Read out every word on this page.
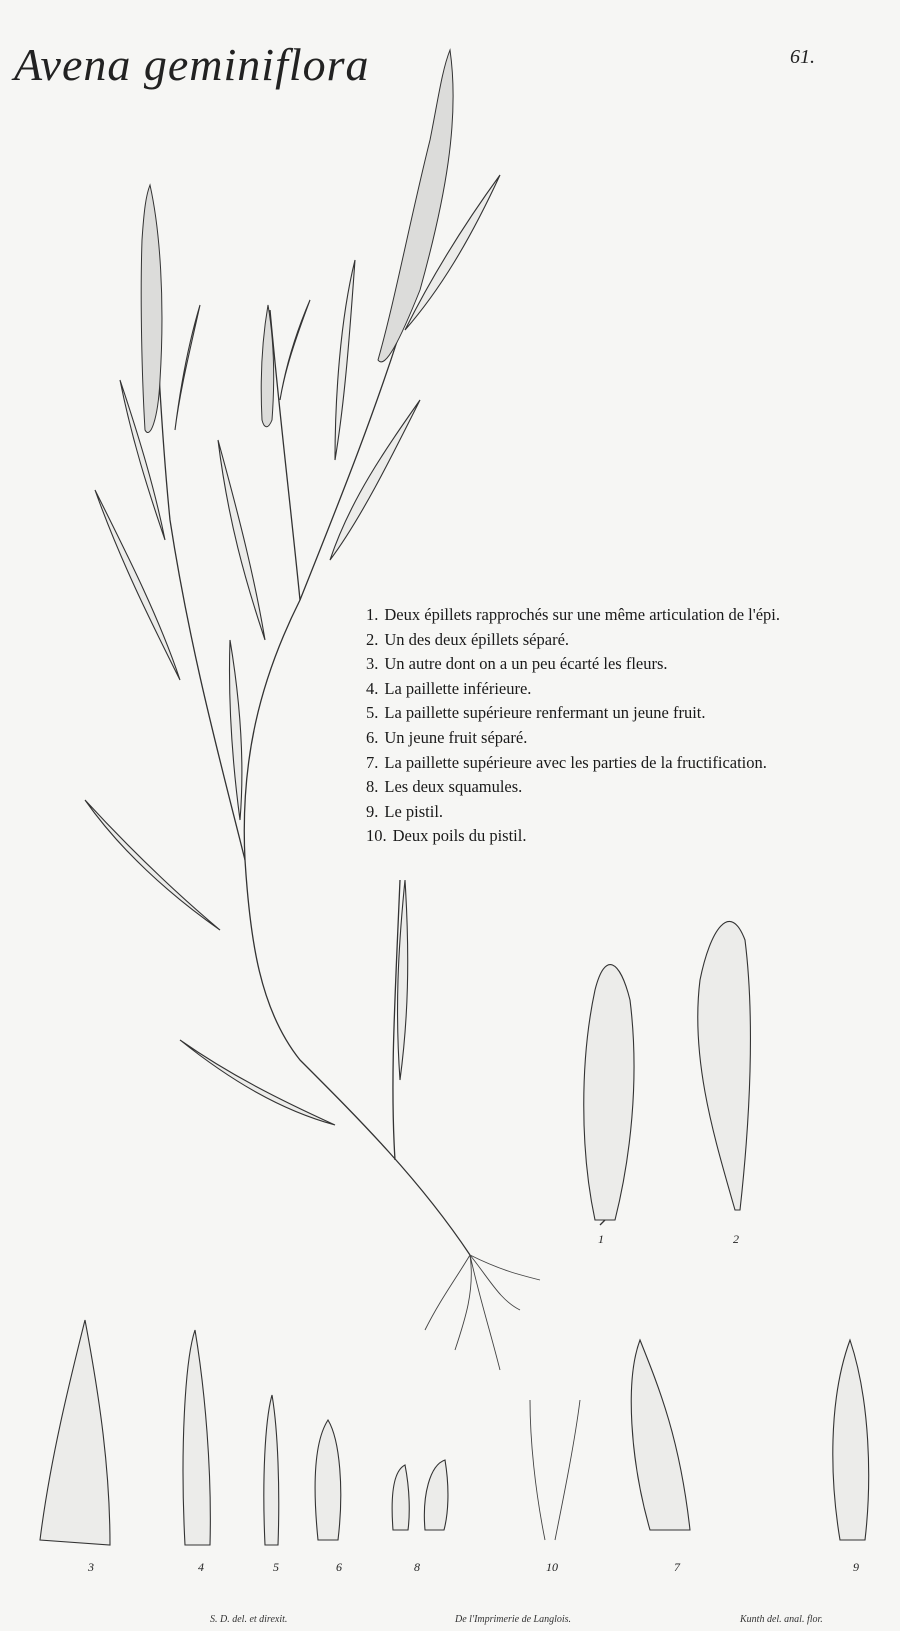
Avena geminiflora	61.
1. Deux épillets rapprochés sur une même articulation de l'épi.
2. Un des deux épillets séparé.
3. Un autre dont on a un peu écarté les fleurs.
4. La paillette inférieure.
5. La paillette supérieure renfermant un jeune fruit.
6. Un jeune fruit séparé.
7. La paillette supérieure avec les parties de la fructification.
8. Les deux squamules.
9. Le pistil.
10. Deux poils du pistil.
1	2
3	4	5	6	8	10	7	9
S. D. del. et direxit.	De l'Imprimerie de Langlois.	Kunth del. anal. flor.
